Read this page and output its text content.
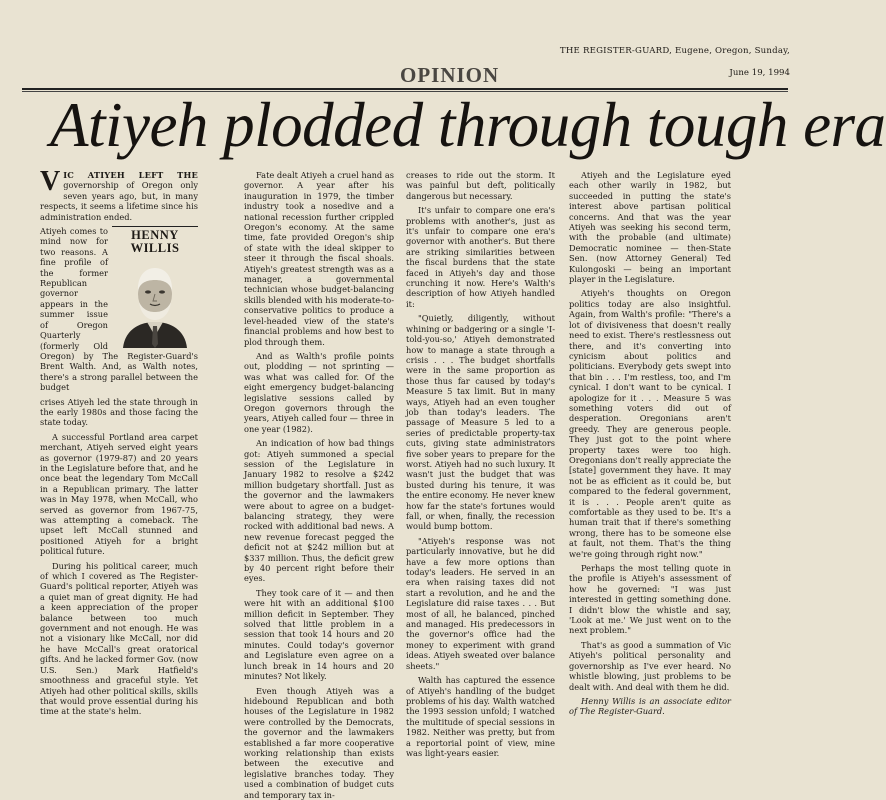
THE REGISTER-GUARD, Eugene, Oregon, Sunday,
OPINION	June 19, 1994
Atiyeh plodded through tough era

VIC ATIYEH LEFT THE governorship of Oregon only seven years ago, but, in many respects, it seems a lifetime since his administration ended.

HENNY WILLIS

Atiyeh comes to mind now for two reasons. A fine profile of the former Republican governor appears in the summer issue of Oregon Quarterly (formerly Old Oregon) by The Register-Guard's Brent Walth. And, as Walth notes, there's a strong parallel between the budget

crises Atiyeh led the state through in the early 1980s and those facing the state today.

A successful Portland area carpet merchant, Atiyeh served eight years as governor (1979-87) and 20 years in the Legislature before that, and he once beat the legendary Tom McCall in a Republican primary. The latter was in May 1978, when McCall, who served as governor from 1967-75, was attempting a comeback. The upset left McCall stunned and positioned Atiyeh for a bright political future.

During his political career, much of which I covered as The Register-Guard's political reporter, Atiyeh was a quiet man of great dignity. He had a keen appreciation of the proper balance between too much government and not enough. He was not a visionary like McCall, nor did he have McCall's great oratorical gifts. And he lacked former Gov. (now U.S. Sen.) Mark Hatfield's smoothness and graceful style. Yet Atiyeh had other political skills, skills that would prove essential during his time at the state's helm.

Fate dealt Atiyeh a cruel hand as governor. A year after his inauguration in 1979, the timber industry took a nosedive and a national recession further crippled Oregon's economy. At the same time, fate provided Oregon's ship of state with the ideal skipper to steer it through the fiscal shoals. Atiyeh's greatest strength was as a manager, a governmental technician whose budget-balancing skills blended with his moderate-to-conservative politics to produce a level-headed view of the state's financial problems and how best to plod through them.

And as Walth's profile points out, plodding — not sprinting — was what was called for. Of the eight emergency budget-balancing legislative sessions called by Oregon governors through the years, Atiyeh called four — three in one year (1982).

An indication of how bad things got: Atiyeh summoned a special session of the Legislature in January 1982 to resolve a $242 million budgetary shortfall. Just as the governor and the lawmakers were about to agree on a budget-balancing strategy, they were rocked with additional bad news. A new revenue forecast pegged the deficit not at $242 million but at $337 million. Thus, the deficit grew by 40 percent right before their eyes.

They took care of it — and then were hit with an additional $100 million deficit in September. They solved that little problem in a session that took 14 hours and 20 minutes. Could today's governor and Legislature even agree on a lunch break in 14 hours and 20 minutes? Not likely.

Even though Atiyeh was a hidebound Republican and both houses of the Legislature in 1982 were controlled by the Democrats, the governor and the lawmakers established a far more cooperative working relationship than exists between the executive and legislative branches today. They used a combination of budget cuts and temporary tax in-

creases to ride out the storm. It was painful but deft, politically dangerous but necessary.

It's unfair to compare one era's problems with another's, just as it's unfair to compare one era's governor with another's. But there are striking similarities between the fiscal burdens that the state faced in Atiyeh's day and those crunching it now. Here's Walth's description of how Atiyeh handled it:

"Quietly, diligently, without whining or badgering or a single 'I-told-you-so,' Atiyeh demonstrated how to manage a state through a crisis . . . The budget shortfalls were in the same proportion as those thus far caused by today's Measure 5 tax limit. But in many ways, Atiyeh had an even tougher job than today's leaders. The passage of Measure 5 led to a series of predictable property-tax cuts, giving state administrators five sober years to prepare for the worst. Atiyeh had no such luxury. It wasn't just the budget that was busted during his tenure, it was the entire economy. He never knew how far the state's fortunes would fall, or when, finally, the recession would bump bottom.

"Atiyeh's response was not particularly innovative, but he did have a few more options than today's leaders. He served in an era when raising taxes did not start a revolution, and he and the Legislature did raise taxes . . . But most of all, he balanced, pinched and managed. His predecessors in the governor's office had the money to experiment with grand ideas. Atiyeh sweated over balance sheets."

Walth has captured the essence of Atiyeh's handling of the budget problems of his day. Walth watched the 1993 session unfold; I watched the multitude of special sessions in 1982. Neither was pretty, but from a reportorial point of view, mine was light-years easier.

Atiyeh and the Legislature eyed each other warily in 1982, but succeeded in putting the state's interest above partisan political concerns. And that was the year Atiyeh was seeking his second term, with the probable (and ultimate) Democratic nominee — then-State Sen. (now Attorney General) Ted Kulongoski — being an important player in the Legislature.

Atiyeh's thoughts on Oregon politics today are also insightful. Again, from Walth's profile: "There's a lot of divisiveness that doesn't really need to exist. There's restlessness out there, and it's converting into cynicism about politics and politicians. Everybody gets swept into that bin . . . I'm restless, too, and I'm cynical. I don't want to be cynical. I apologize for it . . . Measure 5 was something voters did out of desperation. Oregonians aren't greedy. They are generous people. They just got to the point where property taxes were too high. Oregonians don't really appreciate the [state] government they have. It may not be as efficient as it could be, but compared to the federal government, it is . . . People aren't quite as comfortable as they used to be. It's a human trait that if there's something wrong, there has to be someone else at fault, not them. That's the thing we're going through right now."

Perhaps the most telling quote in the profile is Atiyeh's assessment of how he governed: "I was just interested in getting something done. I didn't blow the whistle and say, 'Look at me.' We just went on to the next problem."

That's as good a summation of Vic Atiyeh's political personality and governorship as I've ever heard. No whistle blowing, just problems to be dealt with. And deal with them he did.

Henny Willis is an associate editor of The Register-Guard.
